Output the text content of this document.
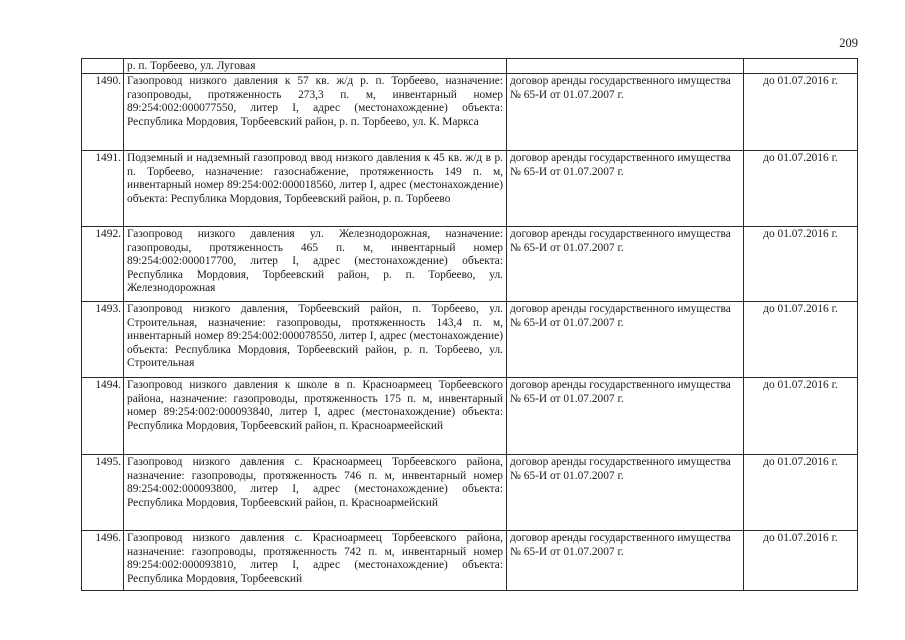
209
	р. п. Торбеево, ул. Луговая		
1490.	Газопровод низкого давления к 57 кв. ж/д р. п. Торбеево, назначение: газопроводы, протяженность 273,3 п. м, инвентарный номер 89:254:002:000077550, литер I, адрес (местонахождение) объекта: Республика Мордовия, Торбеевский район, р. п. Торбеево, ул. К. Маркса	договор аренды государственного имущества № 65-И от 01.07.2007 г.	до 01.07.2016 г.
1491.	Подземный и надземный газопровод ввод низкого давления к 45 кв. ж/д в р. п. Торбеево, назначение: газоснабжение, протяженность 149 п. м, инвентарный номер 89:254:002:000018560, литер I, адрес (местонахождение) объекта: Республика Мордовия, Торбеевский район, р. п. Торбеево	договор аренды государственного имущества № 65-И от 01.07.2007 г.	до 01.07.2016 г.
1492.	Газопровод низкого давления ул. Железнодорожная, назначение: газопроводы, протяженность 465 п. м, инвентарный номер 89:254:002:000017700, литер I, адрес (местонахождение) объекта: Республика Мордовия, Торбеевский район, р. п. Торбеево, ул. Железнодорожная	договор аренды государственного имущества № 65-И от 01.07.2007 г.	до 01.07.2016 г.
1493.	Газопровод низкого давления, Торбеевский район, п. Торбеево, ул. Строительная, назначение: газопроводы, протяженность 143,4 п. м, инвентарный номер 89:254:002:000078550, литер I, адрес (местонахождение) объекта: Республика Мордовия, Торбеевский район, р. п. Торбеево, ул. Строительная	договор аренды государственного имущества № 65-И от 01.07.2007 г.	до 01.07.2016 г.
1494.	Газопровод низкого давления к школе в п. Красноармеец Торбеевского района, назначение: газопроводы, протяженность 175 п. м, инвентарный номер 89:254:002:000093840, литер I, адрес (местонахождение) объекта: Республика Мордовия, Торбеевский район, п. Красноармеейский	договор аренды государственного имущества № 65-И от 01.07.2007 г.	до 01.07.2016 г.
1495.	Газопровод низкого давления с. Красноармеец Торбеевского района, назначение: газопроводы, протяженность 746 п. м, инвентарный номер 89:254:002:000093800, литер I, адрес (местонахождение) объекта: Республика Мордовия, Торбеевский район, п. Красноармейский	договор аренды государственного имущества № 65-И от 01.07.2007 г.	до 01.07.2016 г.
1496.	Газопровод низкого давления с. Красноармеец Торбеевского района, назначение: газопроводы, протяженность 742 п. м, инвентарный номер 89:254:002:000093810, литер I, адрес (местонахождение) объекта: Республика Мордовия, Торбеевский	договор аренды государственного имущества № 65-И от 01.07.2007 г.	до 01.07.2016 г.
